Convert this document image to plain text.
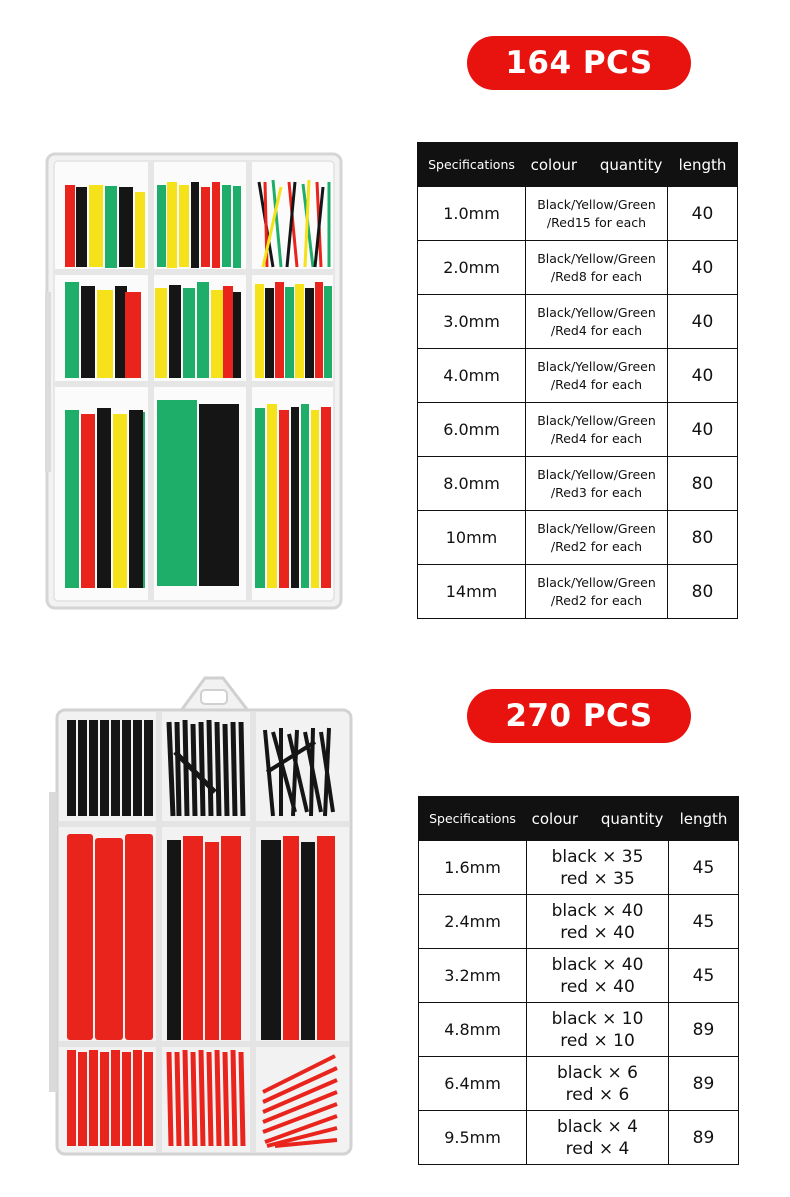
164 PCS
Specifications	colour quantity	length
1.0mm	Black/Yellow/Green
/Red15 for each	40
2.0mm	Black/Yellow/Green
/Red8 for each	40
3.0mm	Black/Yellow/Green
/Red4 for each	40
4.0mm	Black/Yellow/Green
/Red4 for each	40
6.0mm	Black/Yellow/Green
/Red4 for each	40
8.0mm	Black/Yellow/Green
/Red3 for each	80
10mm	Black/Yellow/Green
/Red2 for each	80
14mm	Black/Yellow/Green
/Red2 for each	80
270 PCS
Specifications	colour quantity	length
1.6mm	black × 35
red × 35	45
2.4mm	black × 40
red × 40	45
3.2mm	black × 40
red × 40	45
4.8mm	black × 10
red × 10	89
6.4mm	black × 6
red × 6	89
9.5mm	black × 4
red × 4	89
